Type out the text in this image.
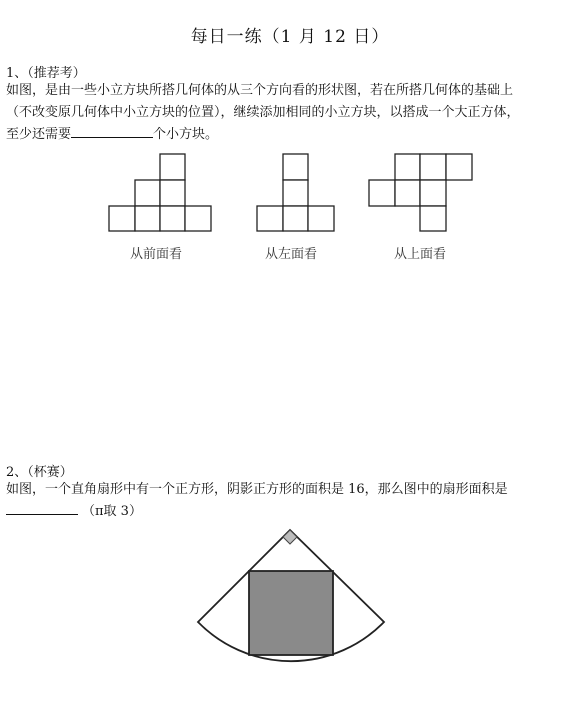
每日一练（1 月 12 日）
1、（推荐考）
如图，是由一些小立方块所搭几何体的从三个方向看的形状图，若在所搭几何体的基础上
（不改变原几何体中小立方块的位置），继续添加相同的小立方块，以搭成一个大正方体，
至少还需要	个小方块。
从前面看	从左面看	从上面看
2、（杯赛）
如图，一个直角扇形中有一个正方形，阴影正方形的面积是 16，那么图中的扇形面积是
（π取 3）
